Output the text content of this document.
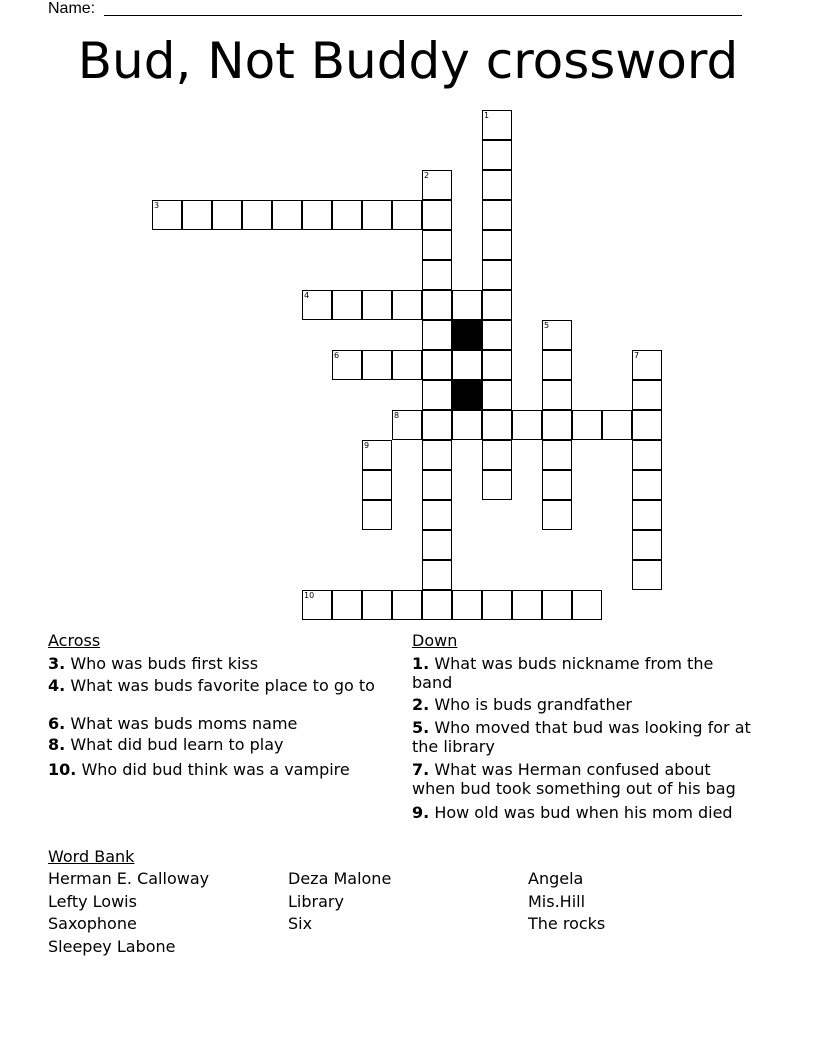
Name:
Bud, Not Buddy crossword
3
4
6
8
10
1
2
5
7
9
Across
3. Who was buds first kiss
4. What was buds favorite place to go to
6. What was buds moms name
8. What did bud learn to play
10. Who did bud think was a vampire
Down
1. What was buds nickname from the band
2. Who is buds grandfather
5. Who moved that bud was looking for at the library
7. What was Herman confused about when bud took something out of his bag
9. How old was bud when his mom died
Word Bank
Herman E. Calloway	Deza Malone	Angela
Lefty Lowis	Library	Mis.Hill
Saxophone	Six	The rocks
Sleepey Labone
